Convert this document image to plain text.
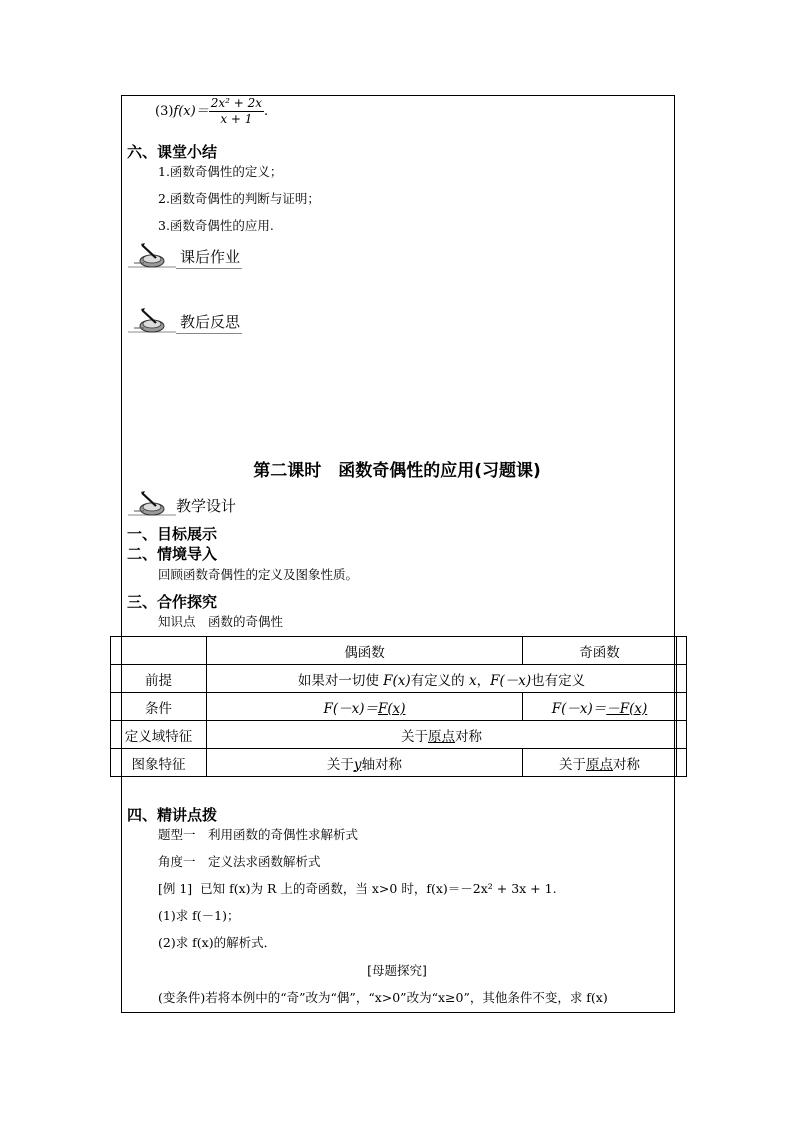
$(3)f(x)= \frac{\text{2x² + 2x}}{x + 1}$ .
六、课堂小结
1.函数奇偶性的定义；
2.函数奇偶性的判断与证明；
3.函数奇偶性的应用.
课后作业
教后反思
第二课时　函数奇偶性的应用(习题课)
教学设计
一、目标展示
二、情境导入
回顾函数奇偶性的定义及图象性质。
三、合作探究
知识点　函数的奇偶性
	偶函数	奇函数	
前提	如果对一切使 F(x)有定义的 x，F(－x)也有定义		
条件	F(－x)＝F(x)	F(－x)＝－F(x)	
定义域特征	关于原点对称		
图象特征	关于y轴对称	关于原点对称	
四、精讲点拨
题型一　利用函数的奇偶性求解析式
角度一　定义法求函数解析式
[例 1] 已知 f(x)为 R 上的奇函数，当 x>0 时，f(x)＝－2x² + 3x + 1.
(1)求 f(－1)；
(2)求 f(x)的解析式．
[母题探究]
(变条件)若将本例中的“奇”改为“偶”，“x>0”改为“x≥0”，其他条件不变，求 f(x)
